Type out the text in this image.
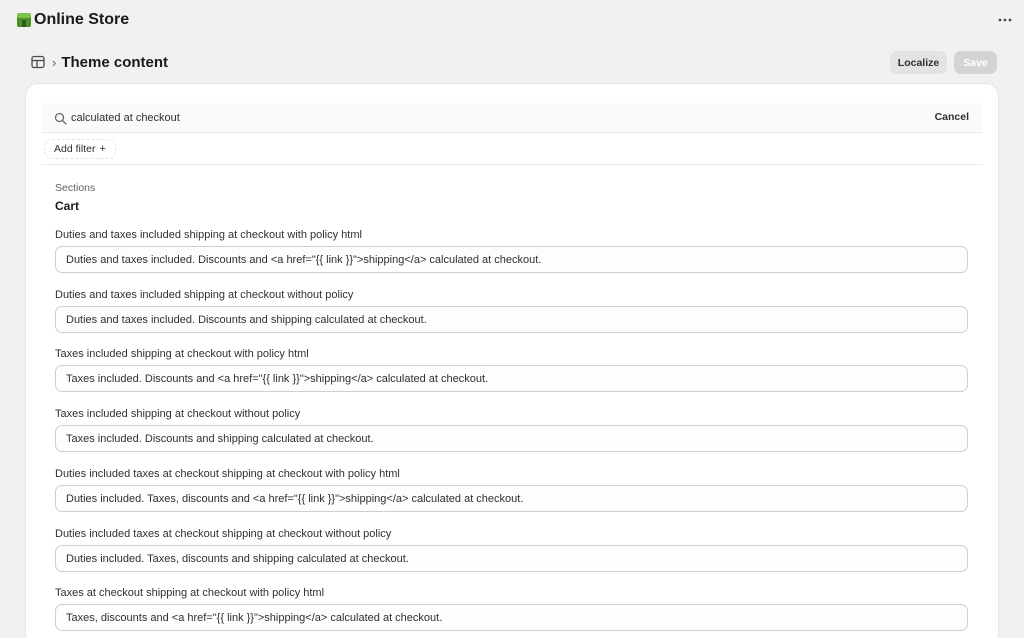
Online Store
› Theme content	Localize	Save
calculated at checkout
Cancel
Add filter +
Sections
Cart
Duties and taxes included shipping at checkout with policy html
Duties and taxes included. Discounts and <a href="{{ link }}">shipping</a> calculated at checkout.
Duties and taxes included shipping at checkout without policy
Duties and taxes included. Discounts and shipping calculated at checkout.
Taxes included shipping at checkout with policy html
Taxes included. Discounts and <a href="{{ link }}">shipping</a> calculated at checkout.
Taxes included shipping at checkout without policy
Taxes included. Discounts and shipping calculated at checkout.
Duties included taxes at checkout shipping at checkout with policy html
Duties included. Taxes, discounts and <a href="{{ link }}">shipping</a> calculated at checkout.
Duties included taxes at checkout shipping at checkout without policy
Duties included. Taxes, discounts and shipping calculated at checkout.
Taxes at checkout shipping at checkout with policy html
Taxes, discounts and <a href="{{ link }}">shipping</a> calculated at checkout.
